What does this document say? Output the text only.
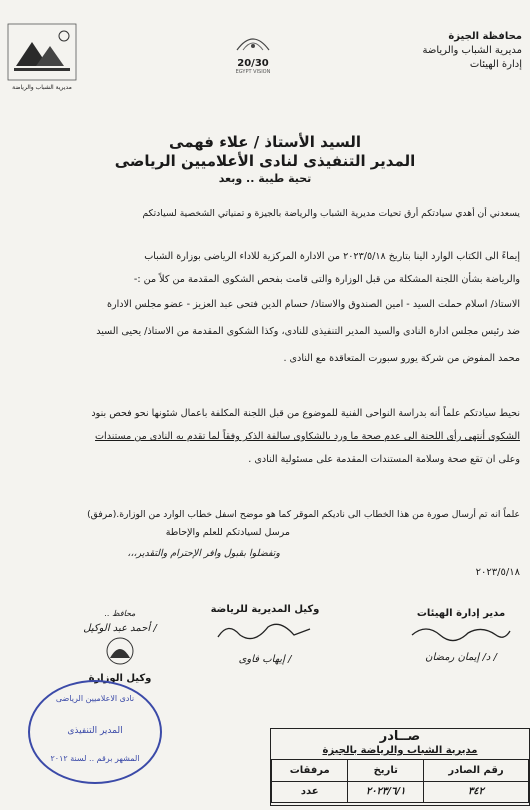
محافظة الجيزة
مديرية الشباب والرياضة
إدارة الهيئات
20/30
EGYPT VISION
مديرية الشباب والرياضة
السيد الأستاذ / علاء فهمى
المدير التنفيذى لنادى الأعلاميين الرياضى
تحية طيبة .. وبعد
يسعدني أن أهدي سيادتكم أرق تحيات مديرية الشباب والرياضة بالجيزة و تمنياتي الشخصية لسيادتكم
إيماءً الى الكتاب الوارد الينا بتاريخ ٢٠٢٣/٥/١٨ من الادارة المركزية للاداء الرياضى بوزارة الشباب
والرياضة بشأن اللجنة المشكلة من قبل الوزارة والتى قامت بفحص الشكوى المقدمة من كلاً من :-
الاستاذ/ اسلام حملت السيد - امين الصندوق والاستاذ/ حسام الدين فتحى عبد العزيز - عضو مجلس الادارة
ضد رئيس مجلس ادارة النادى والسيد المدير التنفيذى للنادى، وكذا الشكوى المقدمة من الاستاذ/ يحيى السيد
محمد المفوض من شركة يورو سبورت المتعاقدة مع النادى .
نحيط سيادتكم علماً أنه بدراسة النواحى الفنية للموضوع من قبل اللجنة المكلفة باعمال شئونها نحو فحص بنود
الشكوى أنتهى رأى اللجنة الى عدم صحة ما ورد بالشكاوى سالفة الذكر وفقاً لما تقدم به النادى من مستندات
وعلى ان تقع صحة وسلامة المستندات المقدمة على مسئولية النادى .
علماً انه تم أرسال صورة من هذا الخطاب الى ناديكم الموقر كما هو موضح اسفل خطاب الوارد من الوزارة.(مرفق)
مرسل لسيادتكم للعلم والإحاطة
وتفضلوا بقبول وافر الإحترام والتقدير،،،
٢٠٢٣/٥/١٨
مدير إدارة الهيئات
/ د/ إيمان رمضان
وكيل المديرية للرياضة
/ إيهاب فاوى
محافظ ..
/ أحمد عبد الوكيل
وكيل الوزارة
نادى الاعلاميين الرياضى
المدير التنفيذى
المشهر برقم .. لسنة ٢٠١٢
صــادر
مديرية الشباب والرياضة بالجيزة
رقم الصادر	تاريخ	مرفقات
٣٤٢	٢٠٢٣/٦/١	عدد
